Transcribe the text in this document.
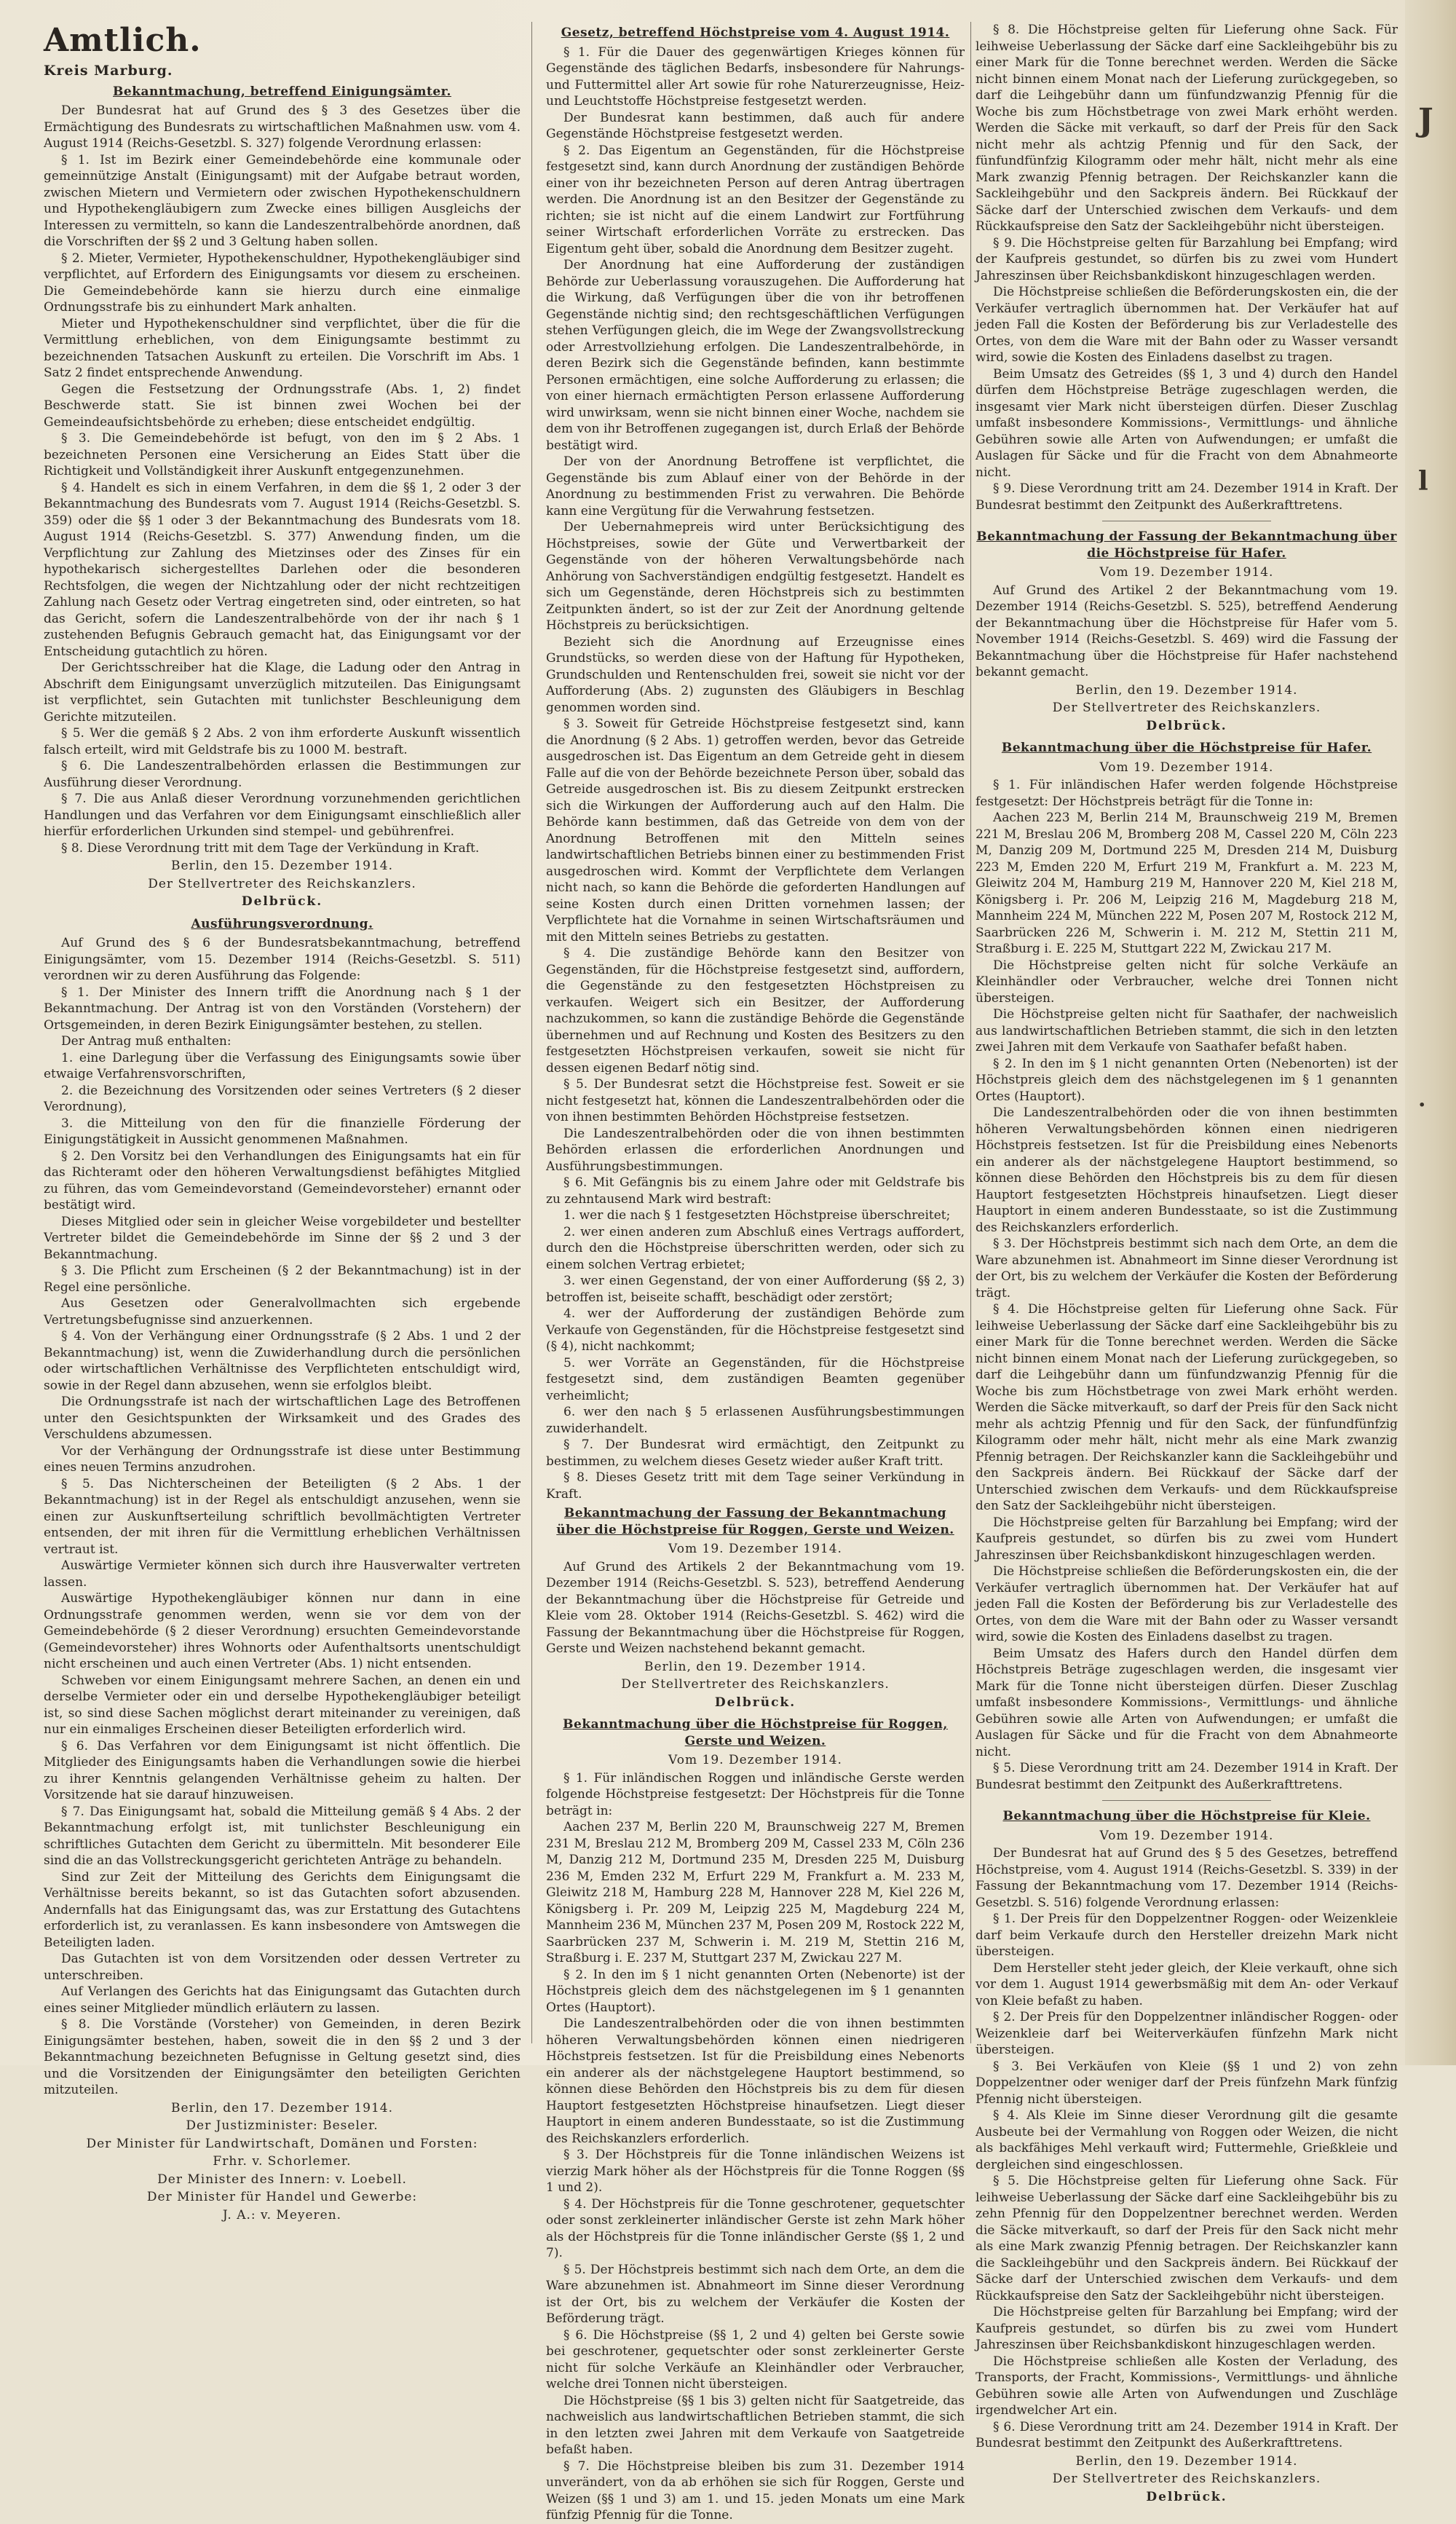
Amtlich.
Kreis Marburg.
Bekanntmachung, betreffend Einigungsämter.

Der Bundesrat hat auf Grund des § 3 des Gesetzes über die Ermächtigung des Bundesrats zu wirtschaftlichen Maßnahmen usw. vom 4. August 1914 (Reichs-Gesetzbl. S. 327) folgende Verordnung erlassen:

§ 1. Ist im Bezirk einer Gemeindebehörde eine kommunale oder gemeinnützige Anstalt (Einigungsamt) mit der Aufgabe betraut worden, zwischen Mietern und Vermietern oder zwischen Hypothekenschuldnern und Hypothekengläubigern zum Zwecke eines billigen Ausgleichs der Interessen zu vermitteln, so kann die Landeszentralbehörde anordnen, daß die Vorschriften der §§ 2 und 3 Geltung haben sollen.

§ 2. Mieter, Vermieter, Hypothekenschuldner, Hypothekengläubiger sind verpflichtet, auf Erfordern des Einigungsamts vor diesem zu erscheinen. Die Gemeindebehörde kann sie hierzu durch eine einmalige Ordnungsstrafe bis zu einhundert Mark anhalten.

Mieter und Hypothekenschuldner sind verpflichtet, über die für die Vermittlung erheblichen, von dem Einigungsamte bestimmt zu bezeichnenden Tatsachen Auskunft zu erteilen. Die Vorschrift im Abs. 1 Satz 2 findet entsprechende Anwendung.

Gegen die Festsetzung der Ordnungsstrafe (Abs. 1, 2) findet Beschwerde statt. Sie ist binnen zwei Wochen bei der Gemeindeaufsichtsbehörde zu erheben; diese entscheidet endgültig.

§ 3. Die Gemeindebehörde ist befugt, von den im § 2 Abs. 1 bezeichneten Personen eine Versicherung an Eides Statt über die Richtigkeit und Vollständigkeit ihrer Auskunft entgegenzunehmen.

§ 4. Handelt es sich in einem Verfahren, in dem die §§ 1, 2 oder 3 der Bekanntmachung des Bundesrats vom 7. August 1914 (Reichs-Gesetzbl. S. 359) oder die §§ 1 oder 3 der Bekanntmachung des Bundesrats vom 18. August 1914 (Reichs-Gesetzbl. S. 377) Anwendung finden, um die Verpflichtung zur Zahlung des Mietzinses oder des Zinses für ein hypothekarisch sichergestelltes Darlehen oder die besonderen Rechtsfolgen, die wegen der Nichtzahlung oder der nicht rechtzeitigen Zahlung nach Gesetz oder Vertrag eingetreten sind, oder eintreten, so hat das Gericht, sofern die Landeszentralbehörde von der ihr nach § 1 zustehenden Befugnis Gebrauch gemacht hat, das Einigungsamt vor der Entscheidung gutachtlich zu hören.

Der Gerichtsschreiber hat die Klage, die Ladung oder den Antrag in Abschrift dem Einigungsamt unverzüglich mitzuteilen. Das Einigungsamt ist verpflichtet, sein Gutachten mit tunlichster Beschleunigung dem Gerichte mitzuteilen.

§ 5. Wer die gemäß § 2 Abs. 2 von ihm erforderte Auskunft wissentlich falsch erteilt, wird mit Geldstrafe bis zu 1000 M. bestraft.

§ 6. Die Landeszentralbehörden erlassen die Bestimmungen zur Ausführung dieser Verordnung.

§ 7. Die aus Anlaß dieser Verordnung vorzunehmenden gerichtlichen Handlungen und das Verfahren vor dem Einigungsamt einschließlich aller hierfür erforderlichen Urkunden sind stempel- und gebührenfrei.

§ 8. Diese Verordnung tritt mit dem Tage der Verkündung in Kraft.

Berlin, den 15. Dezember 1914.
Der Stellvertreter des Reichskanzlers.
Delbrück.
Ausführungsverordnung.

Auf Grund des § 6 der Bundesratsbekanntmachung, betreffend Einigungsämter, vom 15. Dezember 1914 (Reichs-Gesetzbl. S. 511) verordnen wir zu deren Ausführung das Folgende:

§ 1. Der Minister des Innern trifft die Anordnung nach § 1 der Bekanntmachung. Der Antrag ist von den Vorständen (Vorstehern) der Ortsgemeinden, in deren Bezirk Einigungsämter bestehen, zu stellen.

Der Antrag muß enthalten:

1. eine Darlegung über die Verfassung des Einigungsamts sowie über etwaige Verfahrensvorschriften,

2. die Bezeichnung des Vorsitzenden oder seines Vertreters (§ 2 dieser Verordnung),

3. die Mitteilung von den für die finanzielle Förderung der Einigungstätigkeit in Aussicht genommenen Maßnahmen.

§ 2. Den Vorsitz bei den Verhandlungen des Einigungsamts hat ein für das Richteramt oder den höheren Verwaltungsdienst befähigtes Mitglied zu führen, das vom Gemeindevorstand (Gemeindevorsteher) ernannt oder bestätigt wird.

Dieses Mitglied oder sein in gleicher Weise vorgebildeter und bestellter Vertreter bildet die Gemeindebehörde im Sinne der §§ 2 und 3 der Bekanntmachung.

§ 3. Die Pflicht zum Erscheinen (§ 2 der Bekanntmachung) ist in der Regel eine persönliche.

Aus Gesetzen oder Generalvollmachten sich ergebende Vertretungsbefugnisse sind anzuerkennen.

§ 4. Von der Verhängung einer Ordnungsstrafe (§ 2 Abs. 1 und 2 der Bekanntmachung) ist, wenn die Zuwiderhandlung durch die persönlichen oder wirtschaftlichen Verhältnisse des Verpflichteten entschuldigt wird, sowie in der Regel dann abzusehen, wenn sie erfolglos bleibt.

Die Ordnungsstrafe ist nach der wirtschaftlichen Lage des Betroffenen unter den Gesichtspunkten der Wirksamkeit und des Grades des Verschuldens abzumessen.

Vor der Verhängung der Ordnungsstrafe ist diese unter Bestimmung eines neuen Termins anzudrohen.

§ 5. Das Nichterscheinen der Beteiligten (§ 2 Abs. 1 der Bekanntmachung) ist in der Regel als entschuldigt anzusehen, wenn sie einen zur Auskunftserteilung schriftlich bevollmächtigten Vertreter entsenden, der mit ihren für die Vermittlung erheblichen Verhältnissen vertraut ist.

Auswärtige Vermieter können sich durch ihre Hausverwalter vertreten lassen.

Auswärtige Hypothekengläubiger können nur dann in eine Ordnungsstrafe genommen werden, wenn sie vor dem von der Gemeindebehörde (§ 2 dieser Verordnung) ersuchten Gemeindevorstande (Gemeindevorsteher) ihres Wohnorts oder Aufenthaltsorts unentschuldigt nicht erscheinen und auch einen Vertreter (Abs. 1) nicht entsenden.

Schweben vor einem Einigungsamt mehrere Sachen, an denen ein und derselbe Vermieter oder ein und derselbe Hypothekengläubiger beteiligt ist, so sind diese Sachen möglichst derart miteinander zu vereinigen, daß nur ein einmaliges Erscheinen dieser Beteiligten erforderlich wird.

§ 6. Das Verfahren vor dem Einigungsamt ist nicht öffentlich. Die Mitglieder des Einigungsamts haben die Verhandlungen sowie die hierbei zu ihrer Kenntnis gelangenden Verhältnisse geheim zu halten. Der Vorsitzende hat sie darauf hinzuweisen.

§ 7. Das Einigungsamt hat, sobald die Mitteilung gemäß § 4 Abs. 2 der Bekanntmachung erfolgt ist, mit tunlichster Beschleunigung ein schriftliches Gutachten dem Gericht zu übermitteln. Mit besonderer Eile sind die an das Vollstreckungsgericht gerichteten Anträge zu behandeln.

Sind zur Zeit der Mitteilung des Gerichts dem Einigungsamt die Verhältnisse bereits bekannt, so ist das Gutachten sofort abzusenden. Andernfalls hat das Einigungsamt das, was zur Erstattung des Gutachtens erforderlich ist, zu veranlassen. Es kann insbesondere von Amtswegen die Beteiligten laden.

Das Gutachten ist von dem Vorsitzenden oder dessen Vertreter zu unterschreiben.

Auf Verlangen des Gerichts hat das Einigungsamt das Gutachten durch eines seiner Mitglieder mündlich erläutern zu lassen.

§ 8. Die Vorstände (Vorsteher) von Gemeinden, in deren Bezirk Einigungsämter bestehen, haben, soweit die in den §§ 2 und 3 der Bekanntmachung bezeichneten Befugnisse in Geltung gesetzt sind, dies und die Vorsitzenden der Einigungsämter den beteiligten Gerichten mitzuteilen.

Berlin, den 17. Dezember 1914.
Der Justizminister: Beseler.
Der Minister für Landwirtschaft, Domänen und Forsten:
Frhr. v. Schorlemer.
Der Minister des Innern: v. Loebell.
Der Minister für Handel und Gewerbe:
J. A.: v. Meyeren.
Gesetz, betreffend Höchstpreise vom 4. August 1914.

§ 1. Für die Dauer des gegenwärtigen Krieges können für Gegenstände des täglichen Bedarfs, insbesondere für Nahrungs- und Futtermittel aller Art sowie für rohe Naturerzeugnisse, Heiz- und Leuchtstoffe Höchstpreise festgesetzt werden.

Der Bundesrat kann bestimmen, daß auch für andere Gegenstände Höchstpreise festgesetzt werden.

§ 2. Das Eigentum an Gegenständen, für die Höchstpreise festgesetzt sind, kann durch Anordnung der zuständigen Behörde einer von ihr bezeichneten Person auf deren Antrag übertragen werden. Die Anordnung ist an den Besitzer der Gegenstände zu richten; sie ist nicht auf die einem Landwirt zur Fortführung seiner Wirtschaft erforderlichen Vorräte zu erstrecken. Das Eigentum geht über, sobald die Anordnung dem Besitzer zugeht.

Der Anordnung hat eine Aufforderung der zuständigen Behörde zur Ueberlassung vorauszugehen. Die Aufforderung hat die Wirkung, daß Verfügungen über die von ihr betroffenen Gegenstände nichtig sind; den rechtsgeschäftlichen Verfügungen stehen Verfügungen gleich, die im Wege der Zwangsvollstreckung oder Arrestvollziehung erfolgen. Die Landeszentralbehörde, in deren Bezirk sich die Gegenstände befinden, kann bestimmte Personen ermächtigen, eine solche Aufforderung zu erlassen; die von einer hiernach ermächtigten Person erlassene Aufforderung wird unwirksam, wenn sie nicht binnen einer Woche, nachdem sie dem von ihr Betroffenen zugegangen ist, durch Erlaß der Behörde bestätigt wird.

Der von der Anordnung Betroffene ist verpflichtet, die Gegenstände bis zum Ablauf einer von der Behörde in der Anordnung zu bestimmenden Frist zu verwahren. Die Behörde kann eine Vergütung für die Verwahrung festsetzen.

Der Uebernahmepreis wird unter Berücksichtigung des Höchstpreises, sowie der Güte und Verwertbarkeit der Gegenstände von der höheren Verwaltungsbehörde nach Anhörung von Sachverständigen endgültig festgesetzt. Handelt es sich um Gegenstände, deren Höchstpreis sich zu bestimmten Zeitpunkten ändert, so ist der zur Zeit der Anordnung geltende Höchstpreis zu berücksichtigen.

Bezieht sich die Anordnung auf Erzeugnisse eines Grundstücks, so werden diese von der Haftung für Hypotheken, Grundschulden und Rentenschulden frei, soweit sie nicht vor der Aufforderung (Abs. 2) zugunsten des Gläubigers in Beschlag genommen worden sind.

§ 3. Soweit für Getreide Höchstpreise festgesetzt sind, kann die Anordnung (§ 2 Abs. 1) getroffen werden, bevor das Getreide ausgedroschen ist. Das Eigentum an dem Getreide geht in diesem Falle auf die von der Behörde bezeichnete Person über, sobald das Getreide ausgedroschen ist. Bis zu diesem Zeitpunkt erstrecken sich die Wirkungen der Aufforderung auch auf den Halm. Die Behörde kann bestimmen, daß das Getreide von dem von der Anordnung Betroffenen mit den Mitteln seines landwirtschaftlichen Betriebs binnen einer zu bestimmenden Frist ausgedroschen wird. Kommt der Verpflichtete dem Verlangen nicht nach, so kann die Behörde die geforderten Handlungen auf seine Kosten durch einen Dritten vornehmen lassen; der Verpflichtete hat die Vornahme in seinen Wirtschaftsräumen und mit den Mitteln seines Betriebs zu gestatten.

§ 4. Die zuständige Behörde kann den Besitzer von Gegenständen, für die Höchstpreise festgesetzt sind, auffordern, die Gegenstände zu den festgesetzten Höchstpreisen zu verkaufen. Weigert sich ein Besitzer, der Aufforderung nachzukommen, so kann die zuständige Behörde die Gegenstände übernehmen und auf Rechnung und Kosten des Besitzers zu den festgesetzten Höchstpreisen verkaufen, soweit sie nicht für dessen eigenen Bedarf nötig sind.

§ 5. Der Bundesrat setzt die Höchstpreise fest. Soweit er sie nicht festgesetzt hat, können die Landeszentralbehörden oder die von ihnen bestimmten Behörden Höchstpreise festsetzen.

Die Landeszentralbehörden oder die von ihnen bestimmten Behörden erlassen die erforderlichen Anordnungen und Ausführungsbestimmungen.

§ 6. Mit Gefängnis bis zu einem Jahre oder mit Geldstrafe bis zu zehntausend Mark wird bestraft:

1. wer die nach § 1 festgesetzten Höchstpreise überschreitet;

2. wer einen anderen zum Abschluß eines Vertrags auffordert, durch den die Höchstpreise überschritten werden, oder sich zu einem solchen Vertrag erbietet;

3. wer einen Gegenstand, der von einer Aufforderung (§§ 2, 3) betroffen ist, beiseite schafft, beschädigt oder zerstört;

4. wer der Aufforderung der zuständigen Behörde zum Verkaufe von Gegenständen, für die Höchstpreise festgesetzt sind (§ 4), nicht nachkommt;

5. wer Vorräte an Gegenständen, für die Höchstpreise festgesetzt sind, dem zuständigen Beamten gegenüber verheimlicht;

6. wer den nach § 5 erlassenen Ausführungsbestimmungen zuwiderhandelt.

§ 7. Der Bundesrat wird ermächtigt, den Zeitpunkt zu bestimmen, zu welchem dieses Gesetz wieder außer Kraft tritt.

§ 8. Dieses Gesetz tritt mit dem Tage seiner Verkündung in Kraft.

Bekanntmachung der Fassung der Bekanntmachung über die Höchstpreise für Roggen, Gerste und Weizen.
Vom 19. Dezember 1914.

Auf Grund des Artikels 2 der Bekanntmachung vom 19. Dezember 1914 (Reichs-Gesetzbl. S. 523), betreffend Aenderung der Bekanntmachung über die Höchstpreise für Getreide und Kleie vom 28. Oktober 1914 (Reichs-Gesetzbl. S. 462) wird die Fassung der Bekanntmachung über die Höchstpreise für Roggen, Gerste und Weizen nachstehend bekannt gemacht.

Berlin, den 19. Dezember 1914.
Der Stellvertreter des Reichskanzlers.
Delbrück.
Bekanntmachung über die Höchstpreise für Roggen, Gerste und Weizen.
Vom 19. Dezember 1914.

§ 1. Für inländischen Roggen und inländische Gerste werden folgende Höchstpreise festgesetzt: Der Höchstpreis für die Tonne beträgt in:

Aachen 237 M, Berlin 220 M, Braunschweig 227 M, Bremen 231 M, Breslau 212 M, Bromberg 209 M, Cassel 233 M, Cöln 236 M, Danzig 212 M, Dortmund 235 M, Dresden 225 M, Duisburg 236 M, Emden 232 M, Erfurt 229 M, Frankfurt a. M. 233 M, Gleiwitz 218 M, Hamburg 228 M, Hannover 228 M, Kiel 226 M, Königsberg i. Pr. 209 M, Leipzig 225 M, Magdeburg 224 M, Mannheim 236 M, München 237 M, Posen 209 M, Rostock 222 M, Saarbrücken 237 M, Schwerin i. M. 219 M, Stettin 216 M, Straßburg i. E. 237 M, Stuttgart 237 M, Zwickau 227 M.

§ 2. In den im § 1 nicht genannten Orten (Nebenorte) ist der Höchstpreis gleich dem des nächstgelegenen im § 1 genannten Ortes (Hauptort).

Die Landeszentralbehörden oder die von ihnen bestimmten höheren Verwaltungsbehörden können einen niedrigeren Höchstpreis festsetzen. Ist für die Preisbildung eines Nebenorts ein anderer als der nächstgelegene Hauptort bestimmend, so können diese Behörden den Höchstpreis bis zu dem für diesen Hauptort festgesetzten Höchstpreise hinaufsetzen. Liegt dieser Hauptort in einem anderen Bundesstaate, so ist die Zustimmung des Reichskanzlers erforderlich.

§ 3. Der Höchstpreis für die Tonne inländischen Weizens ist vierzig Mark höher als der Höchstpreis für die Tonne Roggen (§§ 1 und 2).

§ 4. Der Höchstpreis für die Tonne geschrotener, gequetschter oder sonst zerkleinerter inländischer Gerste ist zehn Mark höher als der Höchstpreis für die Tonne inländischer Gerste (§§ 1, 2 und 7).

§ 5. Der Höchstpreis bestimmt sich nach dem Orte, an dem die Ware abzunehmen ist. Abnahmeort im Sinne dieser Verordnung ist der Ort, bis zu welchem der Verkäufer die Kosten der Beförderung trägt.

§ 6. Die Höchstpreise (§§ 1, 2 und 4) gelten bei Gerste sowie bei geschrotener, gequetschter oder sonst zerkleinerter Gerste nicht für solche Verkäufe an Kleinhändler oder Verbraucher, welche drei Tonnen nicht übersteigen.

Die Höchstpreise (§§ 1 bis 3) gelten nicht für Saatgetreide, das nachweislich aus landwirtschaftlichen Betrieben stammt, die sich in den letzten zwei Jahren mit dem Verkaufe von Saatgetreide befaßt haben.

§ 7. Die Höchstpreise bleiben bis zum 31. Dezember 1914 unverändert, von da ab erhöhen sie sich für Roggen, Gerste und Weizen (§§ 1 und 3) am 1. und 15. jeden Monats um eine Mark fünfzig Pfennig für die Tonne.

§ 8. Die Höchstpreise gelten für Lieferung ohne Sack. Für leihweise Ueberlassung der Säcke darf eine Sackleihgebühr bis zu einer Mark für die Tonne berechnet werden. Werden die Säcke nicht binnen einem Monat nach der Lieferung zurückgegeben, so darf die Leihgebühr dann um fünfundzwanzig Pfennig für die Woche bis zum Höchstbetrage von zwei Mark erhöht werden. Werden die Säcke mit verkauft, so darf der Preis für den Sack nicht mehr als achtzig Pfennig und für den Sack, der fünfundfünfzig Kilogramm oder mehr hält, nicht mehr als eine Mark zwanzig Pfennig betragen. Der Reichskanzler kann die Sackleihgebühr und den Sackpreis ändern. Bei Rückkauf der Säcke darf der Unterschied zwischen dem Verkaufs- und dem Rückkaufspreise den Satz der Sackleihgebühr nicht übersteigen.

§ 9. Die Höchstpreise gelten für Barzahlung bei Empfang; wird der Kaufpreis gestundet, so dürfen bis zu zwei vom Hundert Jahreszinsen über Reichsbankdiskont hinzugeschlagen werden.

Die Höchstpreise schließen die Beförderungskosten ein, die der Verkäufer vertraglich übernommen hat. Der Verkäufer hat auf jeden Fall die Kosten der Beförderung bis zur Verladestelle des Ortes, von dem die Ware mit der Bahn oder zu Wasser versandt wird, sowie die Kosten des Einladens daselbst zu tragen.

Beim Umsatz des Getreides (§§ 1, 3 und 4) durch den Handel dürfen dem Höchstpreise Beträge zugeschlagen werden, die insgesamt vier Mark nicht übersteigen dürfen. Dieser Zuschlag umfaßt insbesondere Kommissions-, Vermittlungs- und ähnliche Gebühren sowie alle Arten von Aufwendungen; er umfaßt die Auslagen für Säcke und für die Fracht von dem Abnahmeorte nicht.

§ 9. Diese Verordnung tritt am 24. Dezember 1914 in Kraft. Der Bundesrat bestimmt den Zeitpunkt des Außerkrafttretens.

Bekanntmachung der Fassung der Bekanntmachung über die Höchstpreise für Hafer.
Vom 19. Dezember 1914.

Auf Grund des Artikel 2 der Bekanntmachung vom 19. Dezember 1914 (Reichs-Gesetzbl. S. 525), betreffend Aenderung der Bekanntmachung über die Höchstpreise für Hafer vom 5. November 1914 (Reichs-Gesetzbl. S. 469) wird die Fassung der Bekanntmachung über die Höchstpreise für Hafer nachstehend bekannt gemacht.

Berlin, den 19. Dezember 1914.
Der Stellvertreter des Reichskanzlers.
Delbrück.
Bekanntmachung über die Höchstpreise für Hafer.
Vom 19. Dezember 1914.

§ 1. Für inländischen Hafer werden folgende Höchstpreise festgesetzt: Der Höchstpreis beträgt für die Tonne in:

Aachen 223 M, Berlin 214 M, Braunschweig 219 M, Bremen 221 M, Breslau 206 M, Bromberg 208 M, Cassel 220 M, Cöln 223 M, Danzig 209 M, Dortmund 225 M, Dresden 214 M, Duisburg 223 M, Emden 220 M, Erfurt 219 M, Frankfurt a. M. 223 M, Gleiwitz 204 M, Hamburg 219 M, Hannover 220 M, Kiel 218 M, Königsberg i. Pr. 206 M, Leipzig 216 M, Magdeburg 218 M, Mannheim 224 M, München 222 M, Posen 207 M, Rostock 212 M, Saarbrücken 226 M, Schwerin i. M. 212 M, Stettin 211 M, Straßburg i. E. 225 M, Stuttgart 222 M, Zwickau 217 M.

Die Höchstpreise gelten nicht für solche Verkäufe an Kleinhändler oder Verbraucher, welche drei Tonnen nicht übersteigen.

Die Höchstpreise gelten nicht für Saathafer, der nachweislich aus landwirtschaftlichen Betrieben stammt, die sich in den letzten zwei Jahren mit dem Verkaufe von Saathafer befaßt haben.

§ 2. In den im § 1 nicht genannten Orten (Nebenorten) ist der Höchstpreis gleich dem des nächstgelegenen im § 1 genannten Ortes (Hauptort).

Die Landeszentralbehörden oder die von ihnen bestimmten höheren Verwaltungsbehörden können einen niedrigeren Höchstpreis festsetzen. Ist für die Preisbildung eines Nebenorts ein anderer als der nächstgelegene Hauptort bestimmend, so können diese Behörden den Höchstpreis bis zu dem für diesen Hauptort festgesetzten Höchstpreis hinaufsetzen. Liegt dieser Hauptort in einem anderen Bundesstaate, so ist die Zustimmung des Reichskanzlers erforderlich.

§ 3. Der Höchstpreis bestimmt sich nach dem Orte, an dem die Ware abzunehmen ist. Abnahmeort im Sinne dieser Verordnung ist der Ort, bis zu welchem der Verkäufer die Kosten der Beförderung trägt.

§ 4. Die Höchstpreise gelten für Lieferung ohne Sack. Für leihweise Ueberlassung der Säcke darf eine Sackleihgebühr bis zu einer Mark für die Tonne berechnet werden. Werden die Säcke nicht binnen einem Monat nach der Lieferung zurückgegeben, so darf die Leihgebühr dann um fünfundzwanzig Pfennig für die Woche bis zum Höchstbetrage von zwei Mark erhöht werden. Werden die Säcke mitverkauft, so darf der Preis für den Sack nicht mehr als achtzig Pfennig und für den Sack, der fünfundfünfzig Kilogramm oder mehr hält, nicht mehr als eine Mark zwanzig Pfennig betragen. Der Reichskanzler kann die Sackleihgebühr und den Sackpreis ändern. Bei Rückkauf der Säcke darf der Unterschied zwischen dem Verkaufs- und dem Rückkaufspreise den Satz der Sackleihgebühr nicht übersteigen.

Die Höchstpreise gelten für Barzahlung bei Empfang; wird der Kaufpreis gestundet, so dürfen bis zu zwei vom Hundert Jahreszinsen über Reichsbankdiskont hinzugeschlagen werden.

Die Höchstpreise schließen die Beförderungskosten ein, die der Verkäufer vertraglich übernommen hat. Der Verkäufer hat auf jeden Fall die Kosten der Beförderung bis zur Verladestelle des Ortes, von dem die Ware mit der Bahn oder zu Wasser versandt wird, sowie die Kosten des Einladens daselbst zu tragen.

Beim Umsatz des Hafers durch den Handel dürfen dem Höchstpreis Beträge zugeschlagen werden, die insgesamt vier Mark für die Tonne nicht übersteigen dürfen. Dieser Zuschlag umfaßt insbesondere Kommissions-, Vermittlungs- und ähnliche Gebühren sowie alle Arten von Aufwendungen; er umfaßt die Auslagen für Säcke und für die Fracht von dem Abnahmeorte nicht.

§ 5. Diese Verordnung tritt am 24. Dezember 1914 in Kraft. Der Bundesrat bestimmt den Zeitpunkt des Außerkrafttretens.

Bekanntmachung über die Höchstpreise für Kleie.
Vom 19. Dezember 1914.

Der Bundesrat hat auf Grund des § 5 des Gesetzes, betreffend Höchstpreise, vom 4. August 1914 (Reichs-Gesetzbl. S. 339) in der Fassung der Bekanntmachung vom 17. Dezember 1914 (Reichs-Gesetzbl. S. 516) folgende Verordnung erlassen:

§ 1. Der Preis für den Doppelzentner Roggen- oder Weizenkleie darf beim Verkaufe durch den Hersteller dreizehn Mark nicht übersteigen.

Dem Hersteller steht jeder gleich, der Kleie verkauft, ohne sich vor dem 1. August 1914 gewerbsmäßig mit dem An- oder Verkauf von Kleie befaßt zu haben.

§ 2. Der Preis für den Doppelzentner inländischer Roggen- oder Weizenkleie darf bei Weiterverkäufen fünfzehn Mark nicht übersteigen.

§ 3. Bei Verkäufen von Kleie (§§ 1 und 2) von zehn Doppelzentner oder weniger darf der Preis fünfzehn Mark fünfzig Pfennig nicht übersteigen.

§ 4. Als Kleie im Sinne dieser Verordnung gilt die gesamte Ausbeute bei der Vermahlung von Roggen oder Weizen, die nicht als backfähiges Mehl verkauft wird; Futtermehle, Grießkleie und dergleichen sind eingeschlossen.

§ 5. Die Höchstpreise gelten für Lieferung ohne Sack. Für leihweise Ueberlassung der Säcke darf eine Sackleihgebühr bis zu zehn Pfennig für den Doppelzentner berechnet werden. Werden die Säcke mitverkauft, so darf der Preis für den Sack nicht mehr als eine Mark zwanzig Pfennig betragen. Der Reichskanzler kann die Sackleihgebühr und den Sackpreis ändern. Bei Rückkauf der Säcke darf der Unterschied zwischen dem Verkaufs- und dem Rückkaufspreise den Satz der Sackleihgebühr nicht übersteigen.

Die Höchstpreise gelten für Barzahlung bei Empfang; wird der Kaufpreis gestundet, so dürfen bis zu zwei vom Hundert Jahreszinsen über Reichsbankdiskont hinzugeschlagen werden.

Die Höchstpreise schließen alle Kosten der Verladung, des Transports, der Fracht, Kommissions-, Vermittlungs- und ähnliche Gebühren sowie alle Arten von Aufwendungen und Zuschläge irgendwelcher Art ein.

§ 6. Diese Verordnung tritt am 24. Dezember 1914 in Kraft. Der Bundesrat bestimmt den Zeitpunkt des Außerkrafttretens.

Berlin, den 19. Dezember 1914.
Der Stellvertreter des Reichskanzlers.
Delbrück.
J
l
·
